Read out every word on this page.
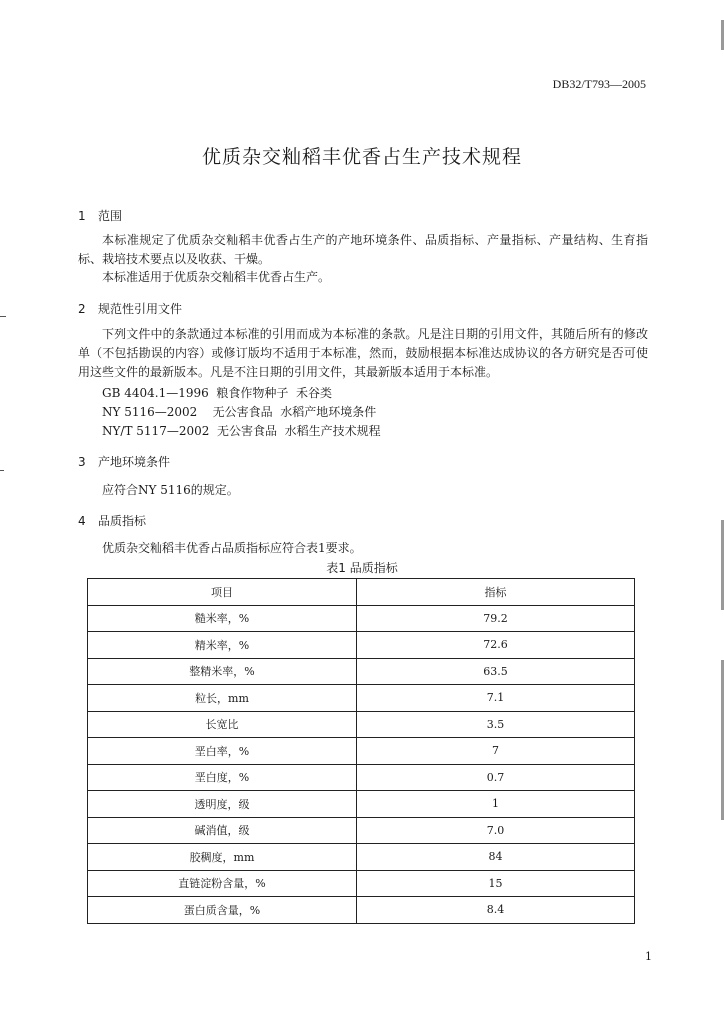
DB32/T793—2005
优质杂交籼稻丰优香占生产技术规程
1 范围
本标准规定了优质杂交籼稻丰优香占生产的产地环境条件、品质指标、产量指标、产量结构、生育指标、栽培技术要点以及收获、干燥。
本标准适用于优质杂交籼稻丰优香占生产。
2 规范性引用文件
下列文件中的条款通过本标准的引用而成为本标准的条款。凡是注日期的引用文件，其随后所有的修改单（不包括勘误的内容）或修订版均不适用于本标准，然而，鼓励根据本标准达成协议的各方研究是否可使用这些文件的最新版本。凡是不注日期的引用文件，其最新版本适用于本标准。
GB 4404.1—1996  粮食作物种子  禾谷类
NY 5116—2002    无公害食品  水稻产地环境条件
NY/T 5117—2002  无公害食品  水稻生产技术规程
3 产地环境条件
应符合NY 5116的规定。
4 品质指标
优质杂交籼稻丰优香占品质指标应符合表1要求。
表1 品质指标
项目	指标
糙米率，%	79.2
精米率，%	72.6
整精米率，%	63.5
粒长，mm	7.1
长宽比	3.5
垩白率，%	7
垩白度，%	0.7
透明度，级	1
碱消值，级	7.0
胶稠度，mm	84
直链淀粉含量，%	15
蛋白质含量，%	8.4
1
